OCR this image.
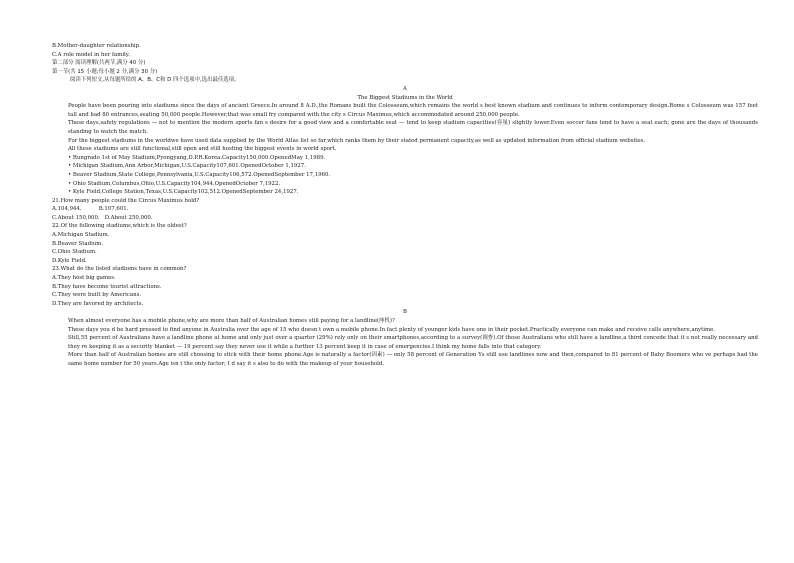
B.Mother-daughter relationship.
C.A role model in her family.
第二部分 阅读理解(共两节,满分 40 分)
第一节(共 15 小题;每小题 2 分,满分 30 分)
阅读下列短文,从每题所给的 A、B、C和 D 四个选项中,选出最佳选项。
A
The Biggest Stadiums in the World
People have been pouring into stadiums since the days of ancient Greece.In around 8 A.D.,the Romans built the Colosseum,which remains the world s best known stadium and continues to inform contemporary design.Rome s Colosseum was 157 feet tall and had 80 entrances,seating 50,000 people.However,that was small fry compared with the city s Circus Maximus,which accommodated around 250,000 people.
These days,safety regulations — not to mention the modern sports fan s desire for a good view and a comfortable seat — tend to keep stadium capacities(容量) slightly lower.Even soccer fans tend to have a seat each; gone are the days of thousands standing to watch the match.
For the biggest stadiums in the worldwe have used data supplied by the World Atlas list so far,which ranks them by their stated permanent capacity,as well as updated information from official stadium websites.
All these stadiums are still functional,still open and still hosting the biggest events in world sport.
• Rungrado 1st of May Stadium,Pyongyang,D.P.R.Korea.Capacity150,000.OpenedMay 1,1989.
• Michigan Stadium,Ann Arbor,Michigan,U.S.Capacity107,601.OpenedOctober 1,1927.
• Beaver Stadium,State College,Pennsylvania,U.S.Capacity106,572.OpenedSeptember 17,1960.
• Ohio Stadium,Columbus,Ohio,U.S.Capacity104,944.OpenedOctober 7,1922.
• Kyle Field,College Station,Texas,U.S.Capacity102,512.OpenedSeptember 24,1927.
21.How many people could the Circus Maximus hold?
A.104,944.          B.107,601.
C.About 150,000.   D.About 250,000.
22.Of the following stadiums,which is the oldest?
A.Michigan Stadium.
B.Beaver Stadium.
C.Ohio Stadium.
D.Kyle Field.
23.What do the listed stadiums have in common?
A.They host big games.
B.They have become tourist attractions.
C.They were built by Americans.
D.They are favored by architects.
B
When almost everyone has a mobile phone,why are more than half of Australian homes still paying for a landline(座机)?
These days you d be hard pressed to find anyone in Australia over the age of 15 who doesn t own a mobile phone.In fact plenty of younger kids have one in their pocket.Practically everyone can make and receive calls anywhere,anytime.
Still,55 percent of Australians have a landline phone at home and only just over a quarter (29%) rely only on their smartphones,according to a survey(调查).Of those Australians who still have a landline,a third concede that it s not really necessary and they re keeping it as a security blanket — 19 percent say they never use it while a further 13 percent keep it in case of emergencies.I think my home falls into that category.
More than half of Australian homes are still choosing to stick with their home phone.Age is naturally a factor(因素) — only 58 percent of Generation Ys still use landlines now and then,compared to 81 percent of Baby Boomers who ve perhaps had the same home number for 50 years.Age isn t the only factor; I d say it s also to do with the makeup of your household.
